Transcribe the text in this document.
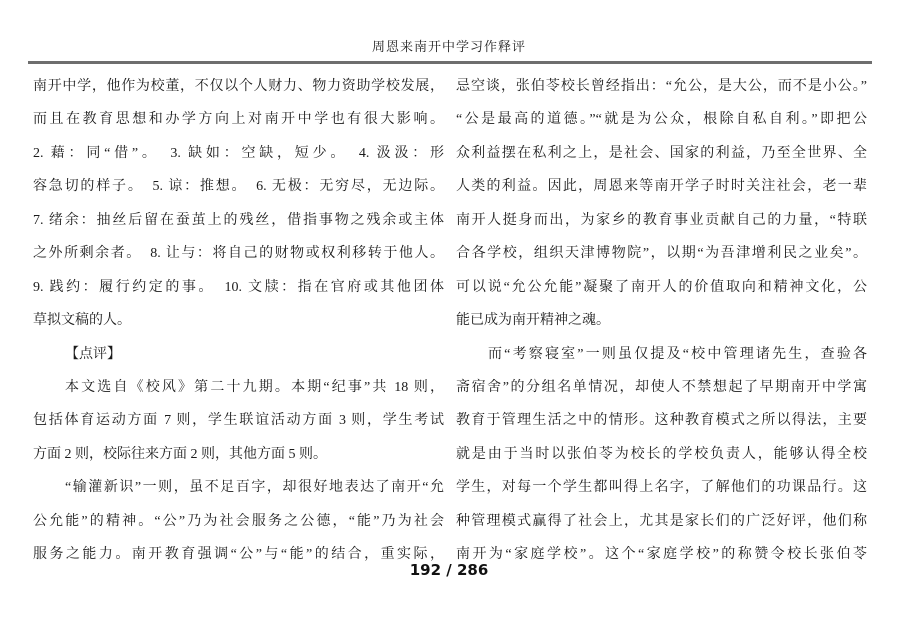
周恩来南开中学习作释评
南开中学，他作为校董，不仅以个人财力、物力资助学校发展，
而且在教育思想和办学方向上对南开中学也有很大影响。
2. 藉：同“借”。　3. 缺如：空缺，短少。　4. 汲汲：形
容急切的样子。　5. 谅：推想。　6. 无极：无穷尽，无边际。
7. 绪余：抽丝后留在蚕茧上的残丝，借指事物之残余或主体
之外所剩余者。　8. 让与：将自己的财物或权利移转于他人。
9. 践约：履行约定的事。　10. 文牍：指在官府或其他团体
草拟文稿的人。
【点评】
本文选自《校风》第二十九期。本期“纪事”共 18 则，
包括体育运动方面 7 则，学生联谊活动方面 3 则，学生考试
方面 2 则，校际往来方面 2 则，其他方面 5 则。
“输灌新识”一则，虽不足百字，却很好地表达了南开“允
公允能”的精神。“公”乃为社会服务之公德，“能”乃为社会
服务之能力。南开教育强调“公”与“能”的结合，重实际，
忌空谈，张伯苓校长曾经指出：“允公，是大公，而不是小公。”
“公是最高的道德。”“就是为公众，根除自私自利。”即把公
众利益摆在私利之上，是社会、国家的利益，乃至全世界、全
人类的利益。因此，周恩来等南开学子时时关注社会，老一辈
南开人挺身而出，为家乡的教育事业贡献自己的力量，“特联
合各学校，组织天津博物院”，以期“为吾津增利民之业矣”。
可以说“允公允能”凝聚了南开人的价值取向和精神文化，公
能已成为南开精神之魂。
而“考察寝室”一则虽仅提及“校中管理诸先生，查验各
斋宿舍”的分组名单情况，却使人不禁想起了早期南开中学寓
教育于管理生活之中的情形。这种教育模式之所以得法，主要
就是由于当时以张伯苓为校长的学校负责人，能够认得全校
学生，对每一个学生都叫得上名字，了解他们的功课品行。这
种管理模式赢得了社会上，尤其是家长们的广泛好评，他们称
南开为“家庭学校”。这个“家庭学校”的称赞令校长张伯苓
192 / 286
